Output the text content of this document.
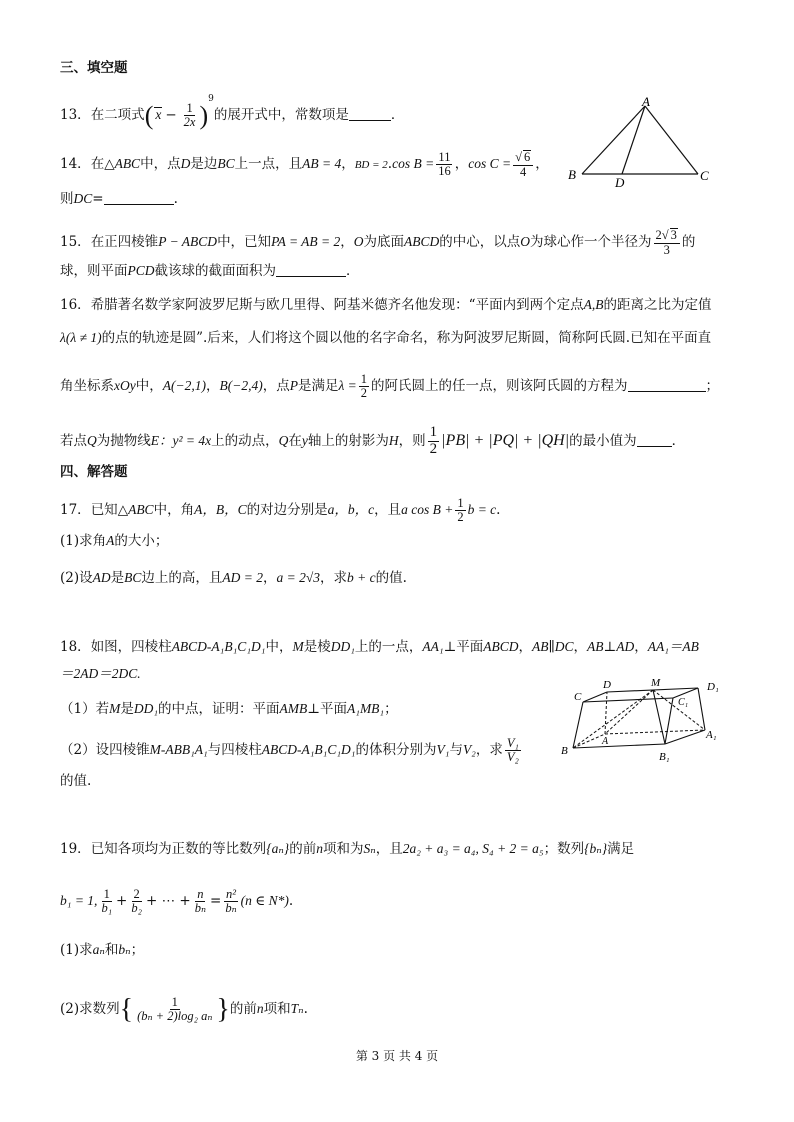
三、填空题
13．在二项式( $x - \frac{1}{2x} )^9$的展开式中，常数项是	．
A
B	C
D
14．在△ABC中，点D是边BC上一点，且AB = 4，BD = 2.cos $B = \frac{11}{16}$ ，$\cos C = \frac{√ 6}{4}$ ，
则DC=	.
15．在正四棱锥P − ABCD中，已知PA = AB = 2，O为底面ABCD的中心，以点O为球心作一个半径为 $\frac{2√ 3}{3}$ 的
球，则平面PCD截该球的截面面积为	．
16．希腊著名数学家阿波罗尼斯与欧几里得、阿基米德齐名他发现：“平面内到两个定点A,B的距离之比为定值
λ(λ ≠ 1)的点的轨迹是圆”.后来，人们将这个圆以他的名字命名，称为阿波罗尼斯圆，简称阿氏圆.已知在平面直
角坐标系xOy中，A(−2,1)，B(−2,4)，点P是满足$\lambda = \frac{1}{2}$ 的阿氏圆上的任一点，则该阿氏圆的方程为	；
若点Q为抛物线E：y² = 4x上的动点，Q在y轴上的射影为H，则 $\frac{1}{2} |PB| + |PQ| + |QH|$的最小值为	．
四、解答题
17．已知△ABC中，角A，B，C的对边分别是a，b，c，且a $\cos B + \frac{1}{2}$ b = c.
(1)求角A的大小；
(2)设AD是BC边上的高，且AD = 2，a = 2√3，求b + c的值.
18．如图，四棱柱ABCD-A₁B₁C₁D₁中，M是棱DD₁上的一点，AA₁⊥平面ABCD，AB∥DC，AB⊥AD，AA₁＝AB
＝2AD＝2DC.
（1）若M是DD₁的中点，证明：平面AMB⊥平面A₁MB₁；
（2）设四棱锥M-ABB₁A₁与四棱柱ABCD-A₁B₁C₁D₁的体积分别为V₁与V₂，求 $\frac{\text{V₁}}{\text{V₂}}$
的值.
C
D	M	D₁
C₁
A
A₁
B	B₁
19．已知各项均为正数的等比数列{aₙ}的前n项和为Sₙ，且2a₂ + a₃ = a₄, S₄ + 2 = a₅；数列{bₙ}满足
b₁ = 1, $\frac{1}{\text{b₁}} + \frac{2}{\text{b₂}}$ + ⋯ + $\frac{n}{\text{bₙ}} = \frac{\text{n²}}{\text{bₙ}} (n$ ∈ N*).
(1)求aₙ和bₙ；
(2)求数列{ $\frac{1}{\text{(bₙ + 2)log₂ aₙ}}$ }的前n项和Tₙ.
第 3 页 共 4 页
